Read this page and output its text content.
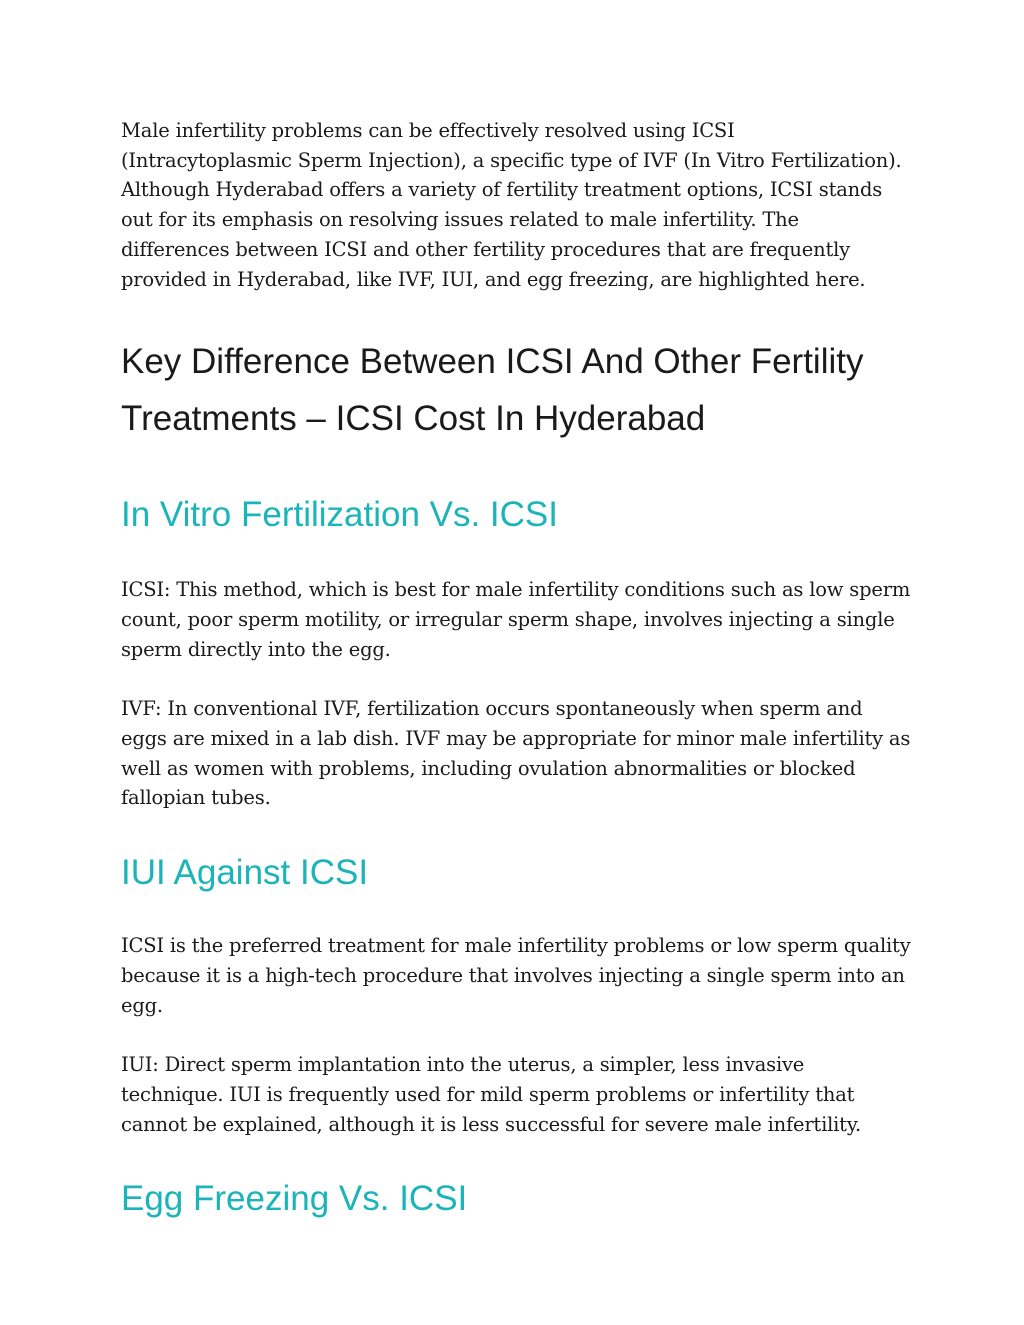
Male infertility problems can be effectively resolved using ICSI (Intracytoplasmic Sperm Injection), a specific type of IVF (In Vitro Fertilization). Although Hyderabad offers a variety of fertility treatment options, ICSI stands out for its emphasis on resolving issues related to male infertility. The differences between ICSI and other fertility procedures that are frequently provided in Hyderabad, like IVF, IUI, and egg freezing, are highlighted here.

Key Difference Between ICSI And Other Fertility Treatments – ICSI Cost In Hyderabad
In Vitro Fertilization Vs. ICSI

ICSI: This method, which is best for male infertility conditions such as low sperm count, poor sperm motility, or irregular sperm shape, involves injecting a single sperm directly into the egg.

IVF: In conventional IVF, fertilization occurs spontaneously when sperm and eggs are mixed in a lab dish. IVF may be appropriate for minor male infertility as well as women with problems, including ovulation abnormalities or blocked fallopian tubes.

IUI Against ICSI

ICSI is the preferred treatment for male infertility problems or low sperm quality because it is a high-tech procedure that involves injecting a single sperm into an egg.

IUI: Direct sperm implantation into the uterus, a simpler, less invasive technique. IUI is frequently used for mild sperm problems or infertility that cannot be explained, although it is less successful for severe male infertility.

Egg Freezing Vs. ICSI
